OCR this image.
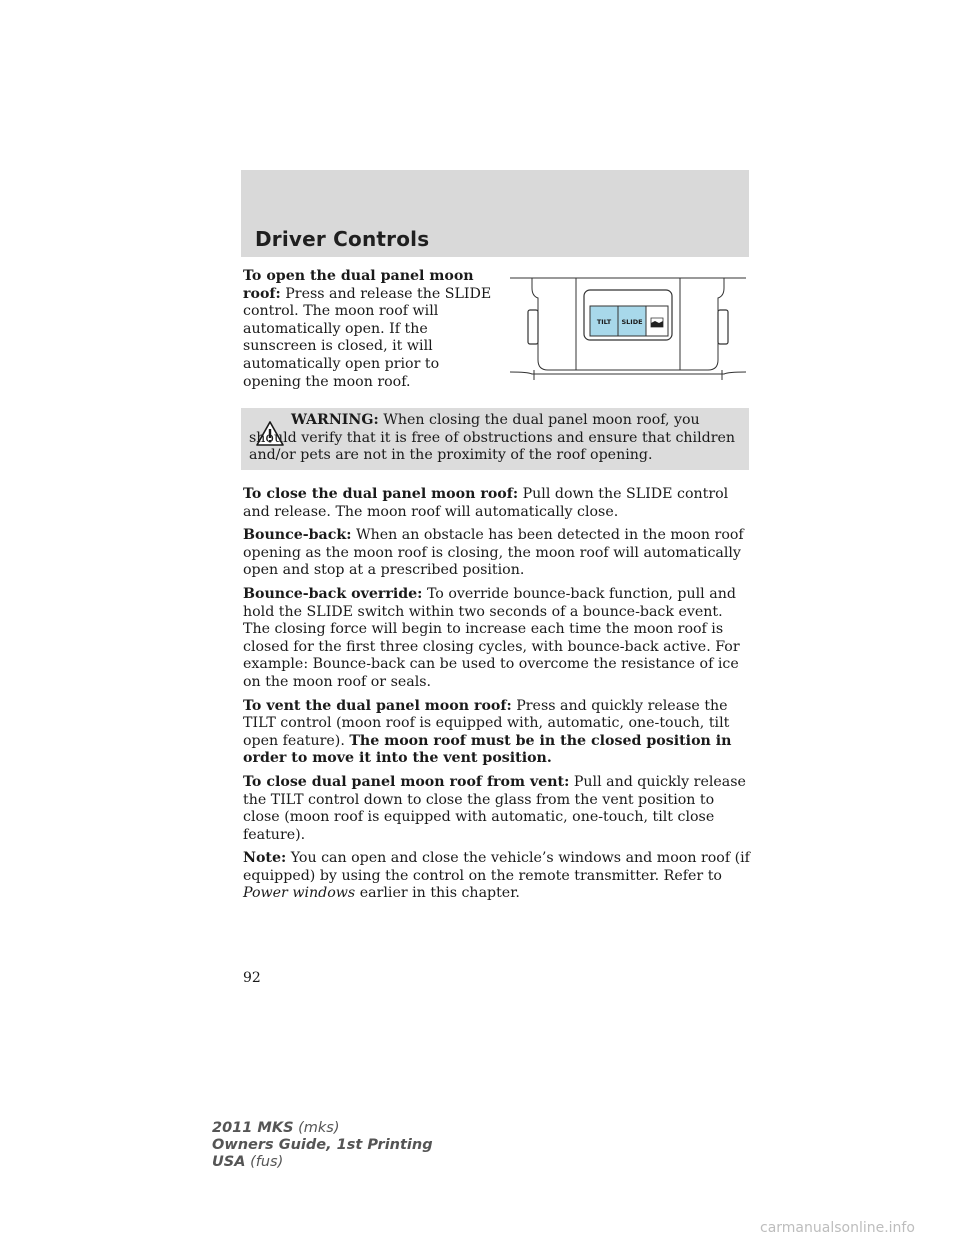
Driver Controls
To open the dual panel moon roof: Press and release the SLIDE control. The moon roof will automatically open. If the sunscreen is closed, it will automatically open prior to opening the moon roof.
TILT SLIDE
WARNING: When closing the dual panel moon roof, you should verify that it is free of obstructions and ensure that children and/or pets are not in the proximity of the roof opening.

To close the dual panel moon roof: Pull down the SLIDE control and release. The moon roof will automatically close.

Bounce-back: When an obstacle has been detected in the moon roof opening as the moon roof is closing, the moon roof will automatically open and stop at a prescribed position.

Bounce-back override: To override bounce-back function, pull and hold the SLIDE switch within two seconds of a bounce-back event. The closing force will begin to increase each time the moon roof is closed for the first three closing cycles, with bounce-back active. For example: Bounce-back can be used to overcome the resistance of ice on the moon roof or seals.

To vent the dual panel moon roof: Press and quickly release the TILT control (moon roof is equipped with, automatic, one-touch, tilt open feature). The moon roof must be in the closed position in order to move it into the vent position.

To close dual panel moon roof from vent: Pull and quickly release the TILT control down to close the glass from the vent position to close (moon roof is equipped with automatic, one-touch, tilt close feature).

Note: You can open and close the vehicle’s windows and moon roof (if equipped) by using the control on the remote transmitter. Refer to Power windows earlier in this chapter.

92
2011 MKS (mks)
Owners Guide, 1st Printing
USA (fus)
carmanualsonline.info
